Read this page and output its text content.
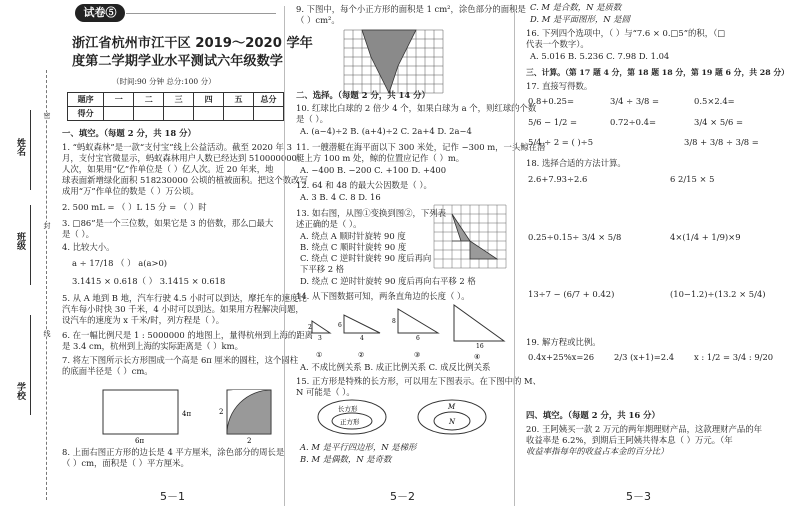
姓名
班级
学校
密
封
线
试卷⑤
浙江省杭州市江干区 2019～2020 学年
度第二学期学业水平测试六年级数学
（时间:90 分钟 总分:100 分）
题序	一	二	三	四	五	总分
得分						
一、填空。（每题 2 分，共 18 分）
1. “蚂蚁森林”是一款“支付宝”线上公益活动。截至 2020 年 3
月，支付宝官微显示，蚂蚁森林用户人数已经达到 510000000
人次，如果用“亿”作单位是（ ）亿人次。近 20 年来，地
球表面新增绿化面积 518230000 公顷的植被面积。把这个数改写
成用“万”作单位的数是（ ）万公顷。
2. 500 mL = （ ）L 15 分 = （ ）时
3. □86”是一个三位数，如果它是 3 的倍数，那么□最大
是（ ）。
4. 比较大小。
a ÷ 17/18 （ ） a(a>0)
3.1415 × 0.618（ ） 3.1415 × 0.618
5. 从 A 地到 B 地，汽车行驶 4.5 小时可以到达，摩托车的速度比
汽车每小时快 30 千米，4 小时可以到达。如果用方程解决问题，
设汽车的速度为 x 千米/时，列方程是（ ）。
6. 在一幅比例尺是 1 : 5000000 的地图上，量得杭州到上海的距离
是 3.4 cm，杭州到上海的实际距离是（ ）km。
7. 将左下图所示长方形围成一个高是 6π 厘米的圆柱，这个圆柱
的底面半径是（ ）cm。
4π
6π
2
2
8. 上面右图正方形的边长是 4 平方厘米，涂色部分的周长是
（ ）cm，面积是（ ）平方厘米。
5－1
9. 下图中，每个小正方形的面积是 1 cm²，涂色部分的面积是
（ ）cm²。
二、选择。（每题 2 分，共 14 分）
10. 红球比白球的 2 倍少 4 个，如果白球为 a 个，则红球的个数
是（ ）。
A. (a−4)÷2 B. (a+4)÷2 C. 2a+4 D. 2a−4
11. 一艘潜艇在海平面以下 300 米处，记作 −300 m，一头鲸在潜
艇上方 100 m 处，鲸的位置应记作（ ）m。
A. −400 B. −200 C. +100 D. +400
12. 64 和 48 的最大公因数是（ ）。
A. 3 B. 4 C. 8 D. 16
13. 如右图，从图①变换到图②，下列表
述正确的是（ ）。
A. 绕点 A 顺时针旋转 90 度
B. 绕点 C 顺时针旋转 90 度
C. 绕点 C 逆时针旋转 90 度后再向
下平移 2 格
D. 绕点 C 逆时针旋转 90 度后再向右平移 2 格
14. 从下图数据可知，两条直角边的长度（ ）。
2
3
6
4
8
6
16
①	②	③	④
A. 不成比例关系 B. 成正比例关系 C. 成反比例关系
15. 正方形是特殊的长方形，可以用左下图表示。在下图中的 M、
N 可能是（ ）。
长方形
正方形
M
N
A. M 是平行四边形，N 是梯形
B. M 是偶数，N 是奇数
5－2
C. M 是合数，N 是质数
D. M 是平面图形，N 是圆
16. 下列四个选项中，（ ）与“7.6 × 0.□5”的积，（□
代表一个数字）。
A. 5.016 B. 5.236 C. 7.98 D. 1.04
三、计算。（第 17 题 4 分，第 18 题 18 分，第 19 题 6 分，共 28 分）
17. 直接写得数。
0.8+0.25=	3/4 ÷ 3/8 =	0.5×2.4=
5/6 − 1/2 =	0.72÷0.4=	3/4 × 5/6 =
5/4 ÷ 2 = ( )÷5	3/8 + 3/8 ÷ 3/8 =
18. 选择合适的方法计算。
2.6+7.93÷2.6	6 2/15 × 5
0.25÷0.15÷ 3/4 × 5/8	4×(1/4 + 1/9)×9
13÷7 − (6/7 + 0.42)	(10−1.2)÷(13.2 × 5/4)
19. 解方程或比例。
0.4x+25%x=26 2/3 (x+1)=2.4 x : 1/2 = 3/4 : 9/20
四、填空。（每题 2 分，共 16 分）
20. 王阿姨买一款 2 万元的两年期理财产品，这款理财产品的年
收益率是 6.2%，到期后王阿姨共得本息（ ）万元。（年
收益率指每年的收益占本金的百分比）
5－3
